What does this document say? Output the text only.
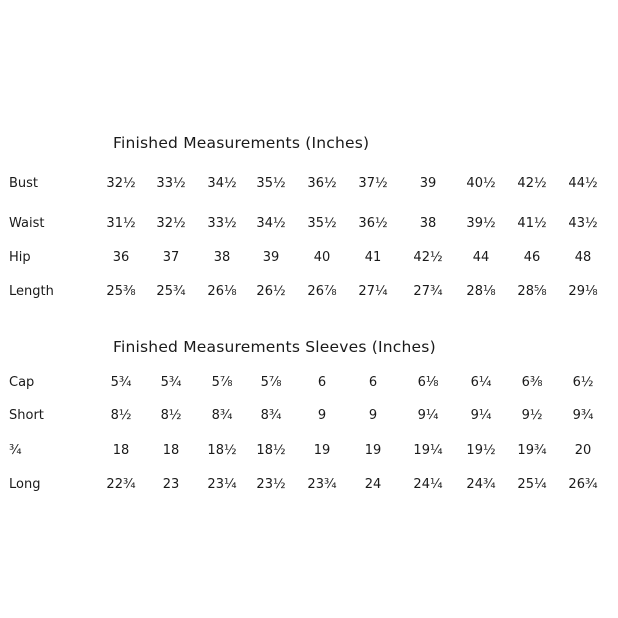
Finished Measurements (Inches)
Bust	32½	33½	34½	35½	36½	37½	39	40½	42½	44½
Waist	31½	32½	33½	34½	35½	36½	38	39½	41½	43½
Hip	36	37	38	39	40	41	42½	44	46	48
Length	25⅜	25¾	26⅛	26½	26⅞	27¼	27¾	28⅛	28⅝	29⅛
Finished Measurements Sleeves (Inches)
Cap	5¾	5¾	5⅞	5⅞	6	6	6⅛	6¼	6⅜	6½
Short	8½	8½	8¾	8¾	9	9	9¼	9¼	9½	9¾
¾	18	18	18½	18½	19	19	19¼	19½	19¾	20
Long	22¾	23	23¼	23½	23¾	24	24¼	24¾	25¼	26¾
